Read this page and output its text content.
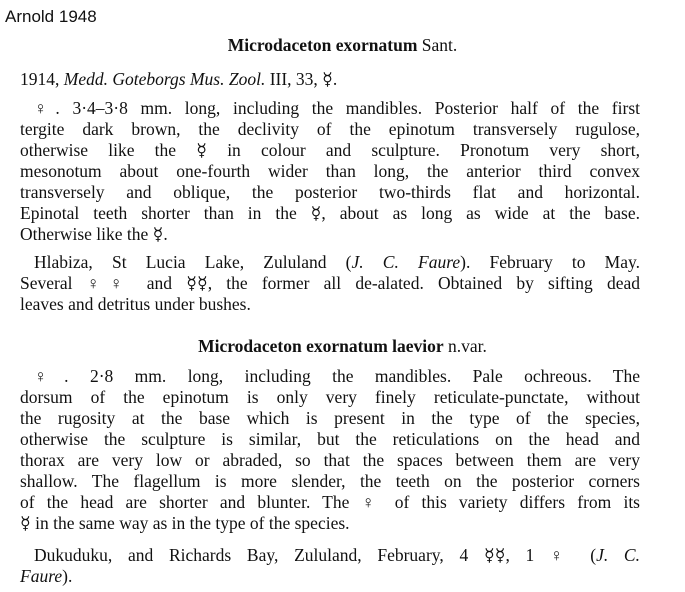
Arnold 1948
Microdaceton exornatum Sant.
1914, Medd. Goteborgs Mus. Zool. III, 33, ☿.
♀. 3·4–3·8 mm. long, including the mandibles. Posterior half of the first
tergite dark brown, the declivity of the epinotum transversely rugulose,
otherwise like the ☿ in colour and sculpture. Pronotum very short,
mesonotum about one-fourth wider than long, the anterior third convex
transversely and oblique, the posterior two-thirds flat and horizontal.
Epinotal teeth shorter than in the ☿, about as long as wide at the base.
Otherwise like the ☿.
Hlabiza, St Lucia Lake, Zululand (J. C. Faure). February to May.
Several ♀♀ and ☿☿, the former all de-alated. Obtained by sifting dead
leaves and detritus under bushes.
Microdaceton exornatum laevior n.var.
♀. 2·8 mm. long, including the mandibles. Pale ochreous. The
dorsum of the epinotum is only very finely reticulate-punctate, without
the rugosity at the base which is present in the type of the species,
otherwise the sculpture is similar, but the reticulations on the head and
thorax are very low or abraded, so that the spaces between them are very
shallow. The flagellum is more slender, the teeth on the posterior corners
of the head are shorter and blunter. The ♀ of this variety differs from its
☿ in the same way as in the type of the species.
Dukuduku, and Richards Bay, Zululand, February, 4 ☿☿, 1 ♀ (J. C.
Faure).
